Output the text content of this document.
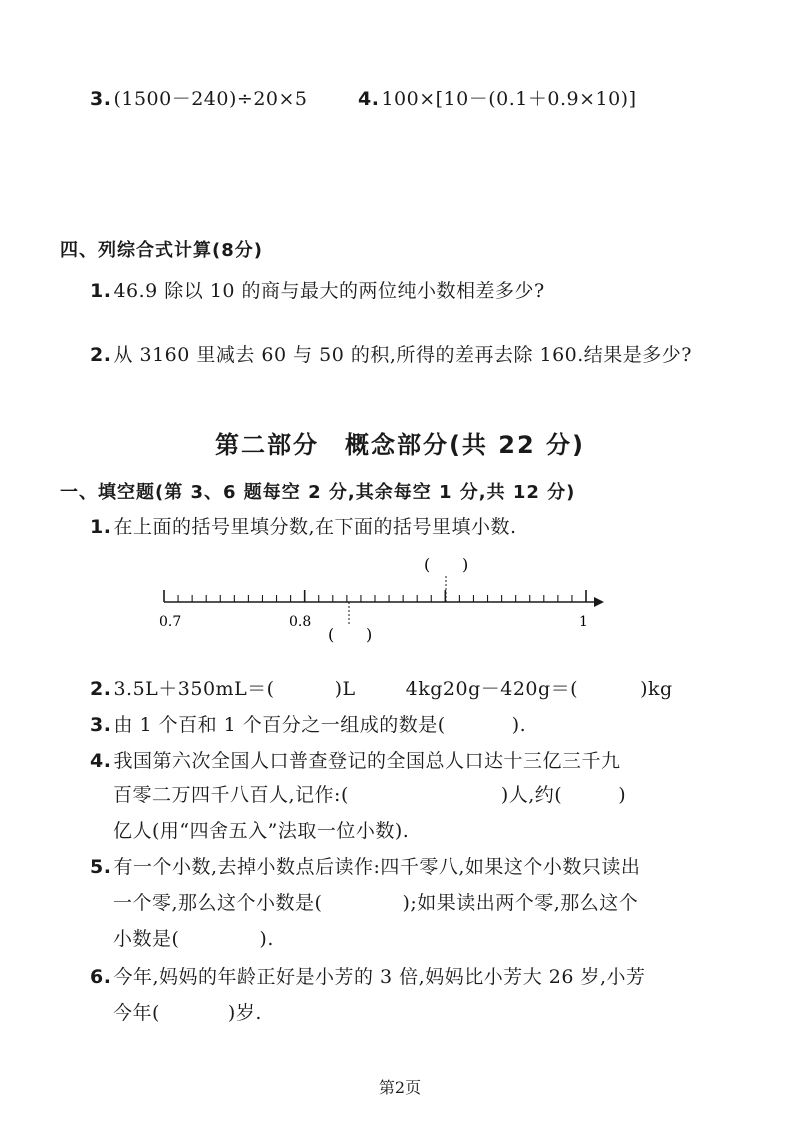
3. (1500－240)÷20×5	4. 100×[10－(0.1＋0.9×10)]
四、列综合式计算(8分)
1. 46.9 除以 10 的商与最大的两位纯小数相差多少?
2. 从 3160 里减去 60 与 50 的积,所得的差再去除 160.结果是多少?
第二部分　概念部分(共 22 分)
一、填空题(第 3、6 题每空 2 分,其余每空 1 分,共 12 分)
1. 在上面的括号里填分数,在下面的括号里填小数.
( )
( )
0.7	0.8	1
2. 3.5L＋350mL＝(	)L	4kg20g－420g＝(	)kg
3. 由 1 个百和 1 个百分之一组成的数是(	).
4. 我国第六次全国人口普查登记的全国总人口达十三亿三千九
百零二万四千八百人,记作:(	)人,约(	)
亿人(用“四舍五入”法取一位小数).
5. 有一个小数,去掉小数点后读作:四千零八,如果这个小数只读出
一个零,那么这个小数是(	);如果读出两个零,那么这个
小数是(	).
6. 今年,妈妈的年龄正好是小芳的 3 倍,妈妈比小芳大 26 岁,小芳
今年(	)岁.
第2页
